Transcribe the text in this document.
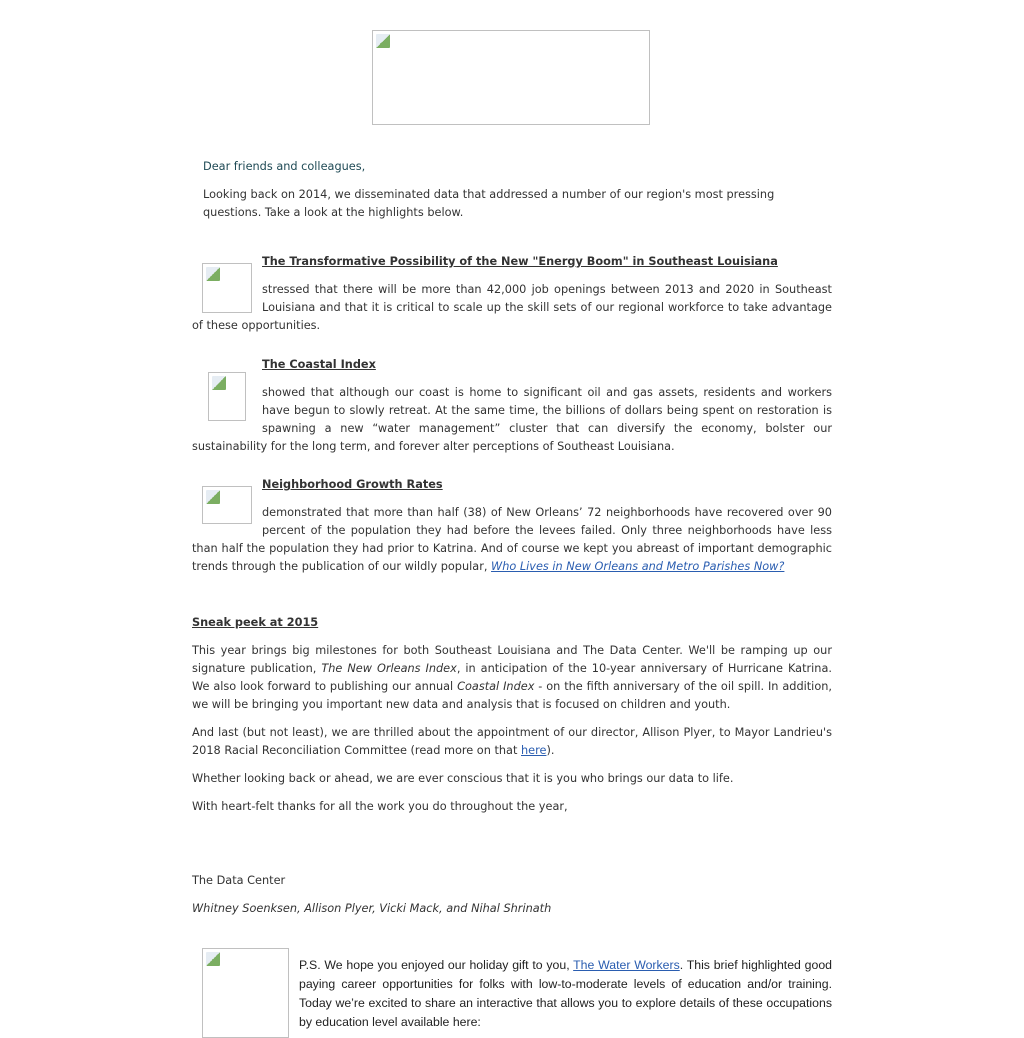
Dear friends and colleagues,

Looking back on 2014, we disseminated data that addressed a number of our region's most pressing questions. Take a look at the highlights below.

The Transformative Possibility of the New "Energy Boom" in Southeast Louisiana

stressed that there will be more than 42,000 job openings between 2013 and 2020 in Southeast Louisiana and that it is critical to scale up the skill sets of our regional workforce to take advantage of these opportunities.

The Coastal Index

showed that although our coast is home to significant oil and gas assets, residents and workers have begun to slowly retreat. At the same time, the billions of dollars being spent on restoration is spawning a new “water management” cluster that can diversify the economy, bolster our sustainability for the long term, and forever alter perceptions of Southeast Louisiana.

Neighborhood Growth Rates

demonstrated that more than half (38) of New Orleans’ 72 neighborhoods have recovered over 90 percent of the population they had before the levees failed. Only three neighborhoods have less than half the population they had prior to Katrina. And of course we kept you abreast of important demographic trends through the publication of our wildly popular, Who Lives in New Orleans and Metro Parishes Now?

Sneak peek at 2015

This year brings big milestones for both Southeast Louisiana and The Data Center. We'll be ramping up our signature publication, The New Orleans Index, in anticipation of the 10-year anniversary of Hurricane Katrina. We also look forward to publishing our annual Coastal Index - on the fifth anniversary of the oil spill. In addition, we will be bringing you important new data and analysis that is focused on children and youth.

And last (but not least), we are thrilled about the appointment of our director, Allison Plyer, to Mayor Landrieu's 2018 Racial Reconciliation Committee (read more on that here).

Whether looking back or ahead, we are ever conscious that it is you who brings our data to life.

With heart-felt thanks for all the work you do throughout the year,

The Data Center

Whitney Soenksen, Allison Plyer, Vicki Mack, and Nihal Shrinath

P.S. We hope you enjoyed our holiday gift to you, The Water Workers. This brief highlighted good paying career opportunities for folks with low-to-moderate levels of education and/or training. Today we’re excited to share an interactive that allows you to explore details of these occupations by education level available here:
